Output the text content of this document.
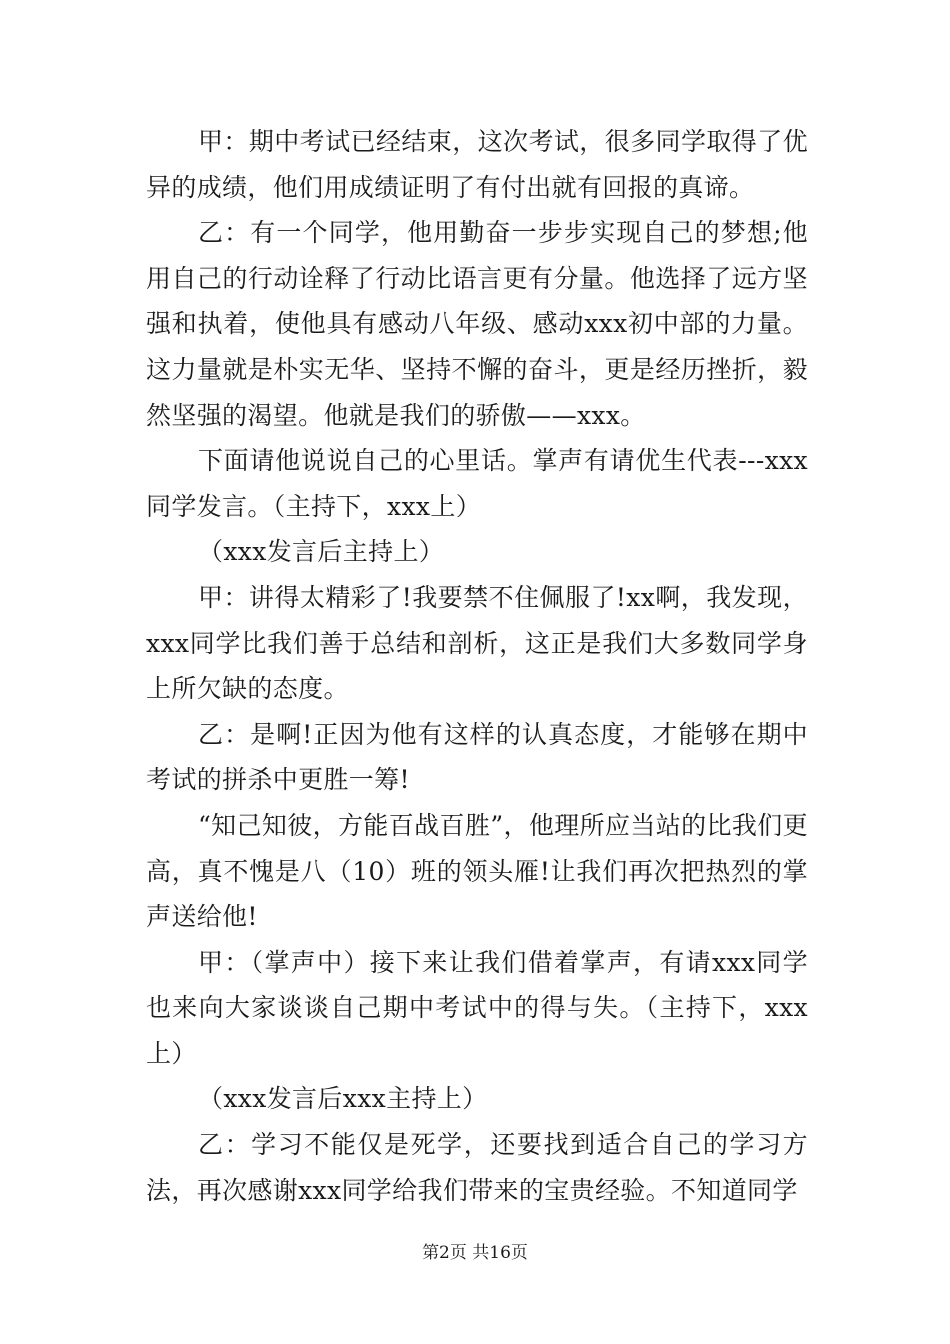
甲：期中考试已经结束，这次考试，很多同学取得了优异的成绩，他们用成绩证明了有付出就有回报的真谛。

乙：有一个同学，他用勤奋一步步实现自己的梦想;他用自己的行动诠释了行动比语言更有分量。他选择了远方坚强和执着，使他具有感动八年级、感动xxx初中部的力量。这力量就是朴实无华、坚持不懈的奋斗，更是经历挫折，毅然坚强的渴望。他就是我们的骄傲——xxx。

下面请他说说自己的心里话。掌声有请优生代表---xxx同学发言。（主持下，xxx上）

（xxx发言后主持上）

甲：讲得太精彩了!我要禁不住佩服了!xx啊，我发现，xxx同学比我们善于总结和剖析，这正是我们大多数同学身上所欠缺的态度。

乙：是啊!正因为他有这样的认真态度，才能够在期中考试的拼杀中更胜一筹!

“知己知彼，方能百战百胜”，他理所应当站的比我们更高，真不愧是八（10）班的领头雁!让我们再次把热烈的掌声送给他!

甲：（掌声中）接下来让我们借着掌声，有请xxx同学也来向大家谈谈自己期中考试中的得与失。（主持下，xxx上）

（xxx发言后xxx主持上）

乙：学习不能仅是死学，还要找到适合自己的学习方法，再次感谢xxx同学给我们带来的宝贵经验。不知道同学

第2页 共16页
